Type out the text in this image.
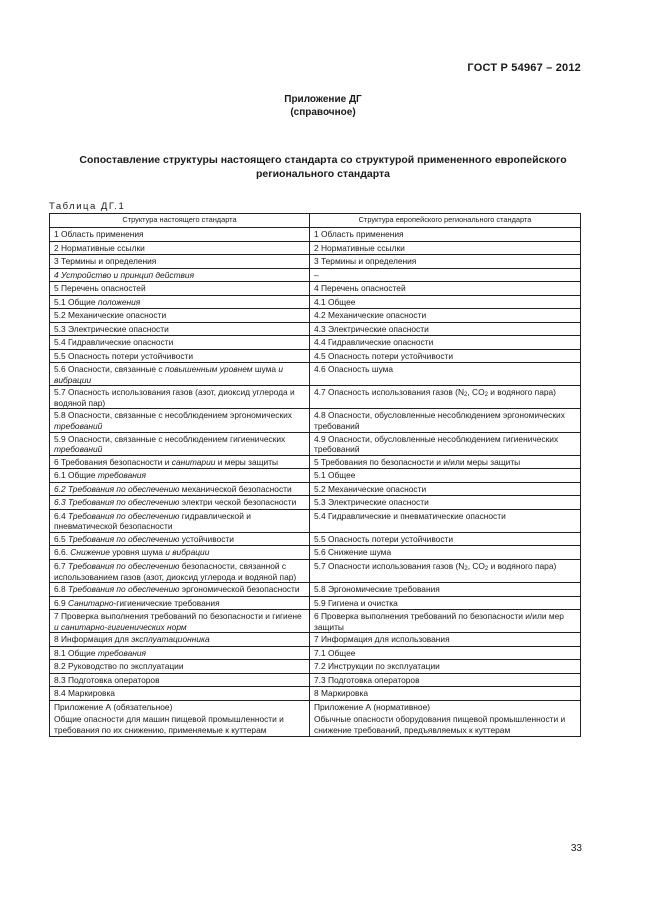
ГОСТ Р 54967 – 2012
Приложение ДГ
(справочное)
Сопоставление структуры настоящего стандарта со структурой примененного европейского регионального стандарта
Таблица ДГ.1
Структура настоящего стандарта	Структура европейского регионального стандарта
1 Область применения	1 Область применения
2 Нормативные ссылки	2 Нормативные ссылки
3 Термины и определения	3 Термины и определения
4 Устройство и принцип действия	–
5 Перечень опасностей	4 Перечень опасностей
5.1 Общие положения	4.1 Общее
5.2 Механические опасности	4.2 Механические опасности
5.3 Электрические опасности	4.3 Электрические опасности
5.4 Гидравлические опасности	4.4 Гидравлические опасности
5.5 Опасность потери устойчивости	4.5 Опасность потери устойчивости
5.6 Опасности, связанные с повышенным уровнем шума и вибрации	4.6 Опасность шума
5.7 Опасность использования газов (азот, диоксид углерода и водяной пар)	4.7 Опасность использования газов ($N_2$, $CO_2$ и водяного пара)
5.8 Опасности, связанные с несоблюдением эргономических требований	4.8 Опасности, обусловленные несоблюдением эргономических требований
5.9 Опасности, связанные с несоблюдением гигиенических требований	4.9 Опасности, обусловленные несоблюдением гигиенических требований
6 Требования безопасности и санитарии и меры защиты	5 Требования по безопасности и и/или меры защиты
6.1 Общие требования	5.1 Общее
6.2 Требования по обеспечению механической безопасности	5.2 Механические опасности
6.3 Требования по обеспечению электри ческой безопасности	5.3 Электрические опасности
6.4 Требования по обеспечению гидравлической и пневматической безопасности	5.4 Гидравлические и пневматические опасности
6.5 Требования по обеспечению устойчивости	5.5 Опасность потери устойчивости
6.6. Снижение уровня шума и вибрации	5.6 Снижение шума
6.7 Требования по обеспечению безопасности, связанной с использованием газов (азот, диоксид углерода и водяной пар)	5.7 Опасности использования газов ($N_2$, $CO_2$ и водяного пара)
6.8 Требования по обеспечению эргономической безопасности	5.8 Эргономические требования
6.9 Санитарно-гигиенические требования	5.9 Гигиена и очистка
7 Проверка выполнения требований по безопасности и гигиене и санитарно-гигиенических норм	6 Проверка выполнения требований по безопасности и/или мер защиты
8 Информация для эксплуатационника	7 Информация для использования
8.1 Общие требования	7.1 Общее
8.2 Руководство по эксплуатации	7.2 Инструкции по эксплуатации
8.3 Подготовка операторов	7.3 Подготовка операторов
8.4 Маркировка	8 Маркировка
Приложение А (обязательное)	Приложение А (нормативное)
Общие опасности для машин пищевой промышленности и требования по их снижению, применяемые к куттерам	Обычные опасности оборудования пищевой промышленности и снижение требований, предъявляемых к куттерам
33
